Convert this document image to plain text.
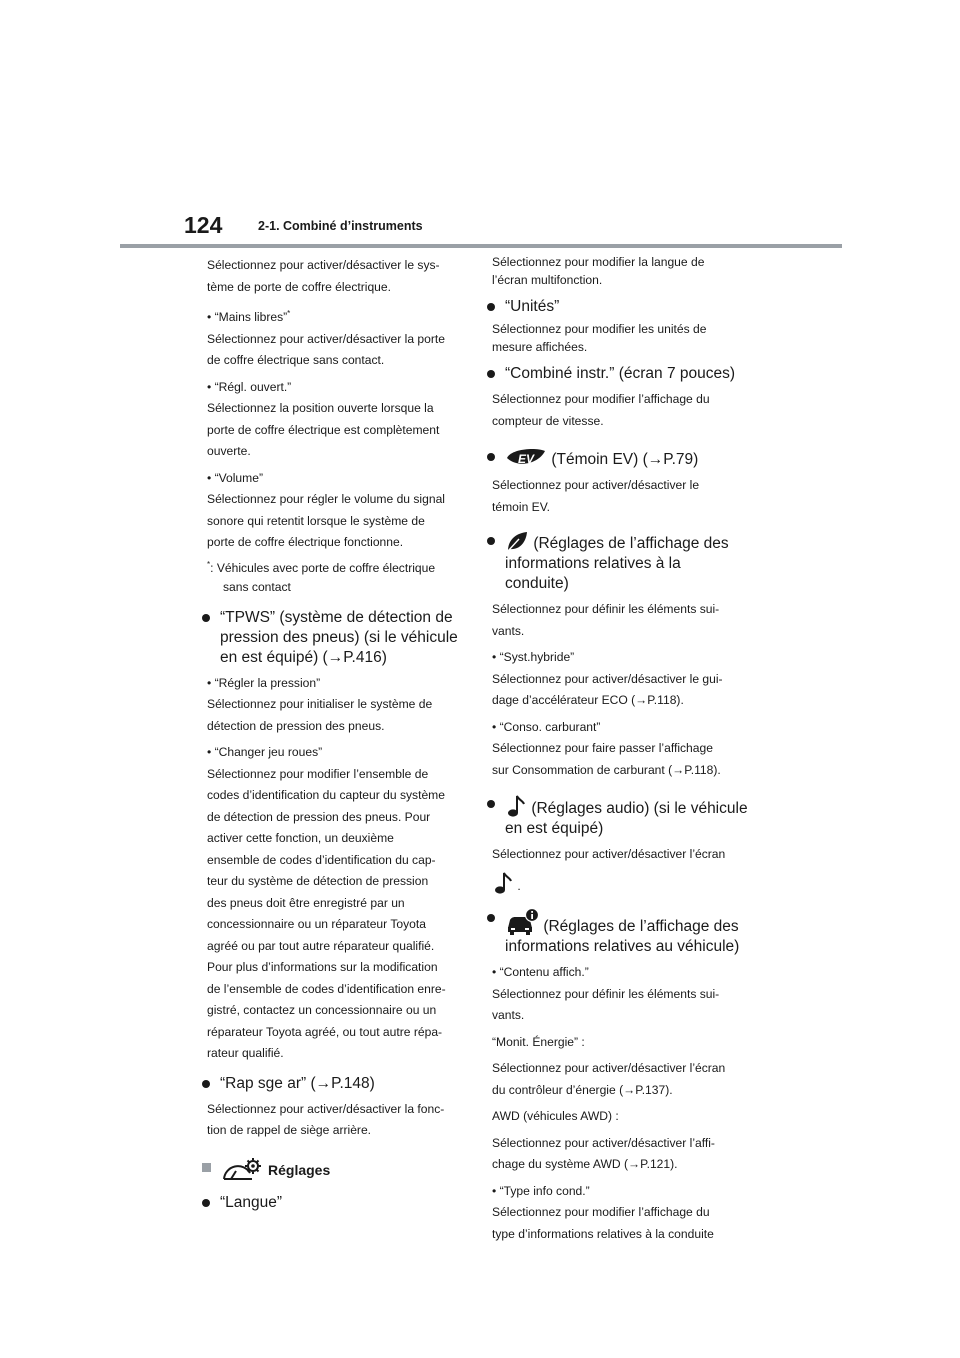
124	2-1. Combiné d’instruments
Sélectionnez pour activer/désactiver le sys-
tème de porte de coffre électrique.
• “Mains libres”*
Sélectionnez pour activer/désactiver la porte
de coffre électrique sans contact.
• “Régl. ouvert.”
Sélectionnez la position ouverte lorsque la
porte de coffre électrique est complètement
ouverte.
• “Volume”
Sélectionnez pour régler le volume du signal
sonore qui retentit lorsque le système de
porte de coffre électrique fonctionne.
*: Véhicules avec porte de coffre électrique
sans contact
“TPWS” (système de détection de
pression des pneus) (si le véhicule
en est équipé) (→P.416)
• “Régler la pression”
Sélectionnez pour initialiser le système de
détection de pression des pneus.
• “Changer jeu roues”
Sélectionnez pour modifier l’ensemble de
codes d’identification du capteur du système
de détection de pression des pneus. Pour
activer cette fonction, un deuxième
ensemble de codes d’identification du cap-
teur du système de détection de pression
des pneus doit être enregistré par un
concessionnaire ou un réparateur Toyota
agréé ou par tout autre réparateur qualifié.
Pour plus d’informations sur la modification
de l’ensemble de codes d’identification enre-
gistré, contactez un concessionnaire ou un
réparateur Toyota agréé, ou tout autre répa-
rateur qualifié.
“Rap sge ar” (→P.148)
Sélectionnez pour activer/désactiver la fonc-
tion de rappel de siège arrière.
Réglages
“Langue”
Sélectionnez pour modifier la langue de
l’écran multifonction.
“Unités”
Sélectionnez pour modifier les unités de
mesure affichées.
“Combiné instr.” (écran 7 pouces)
Sélectionnez pour modifier l’affichage du
compteur de vitesse.
EV (Témoin EV) (→P.79)
Sélectionnez pour activer/désactiver le
témoin EV.
(Réglages de l’affichage des
informations relatives à la conduite)
Sélectionnez pour définir les éléments sui-
vants.
• “Syst.hybride”
Sélectionnez pour activer/désactiver le gui-
dage d’accélérateur ECO (→P.118).
• “Conso. carburant”
Sélectionnez pour faire passer l’affichage
sur Consommation de carburant (→P.118).
(Réglages audio) (si le véhicule
en est équipé)
Sélectionnez pour activer/désactiver l’écran
.
(Réglages de l’affichage des
informations relatives au véhicule)
• “Contenu affich.”
Sélectionnez pour définir les éléments sui-
vants.
“Monit. Énergie” :
Sélectionnez pour activer/désactiver l’écran
du contrôleur d’énergie (→P.137).
AWD (véhicules AWD) :
Sélectionnez pour activer/désactiver l’affi-
chage du système AWD (→P.121).
• “Type info cond.”
Sélectionnez pour modifier l’affichage du
type d’informations relatives à la conduite
